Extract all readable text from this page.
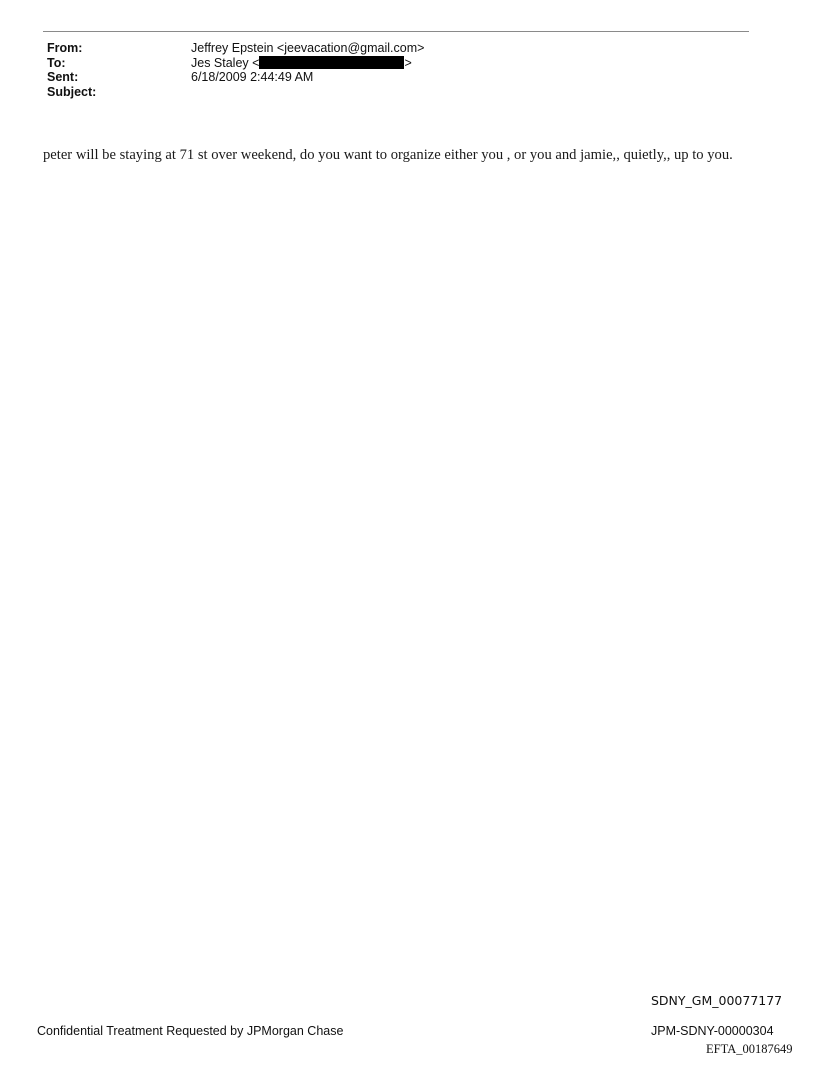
From:	Jeffrey Epstein <jeevacation@gmail.com>
To:	Jes Staley <	>
Sent:	6/18/2009 2:44:49 AM
Subject:
peter will be staying at 71 st over weekend, do you want to organize either you , or you and jamie,, quietly,, up to you.
SDNY_GM_00077177
Confidential Treatment Requested by JPMorgan Chase	JPM-SDNY-00000304
EFTA_00187649
